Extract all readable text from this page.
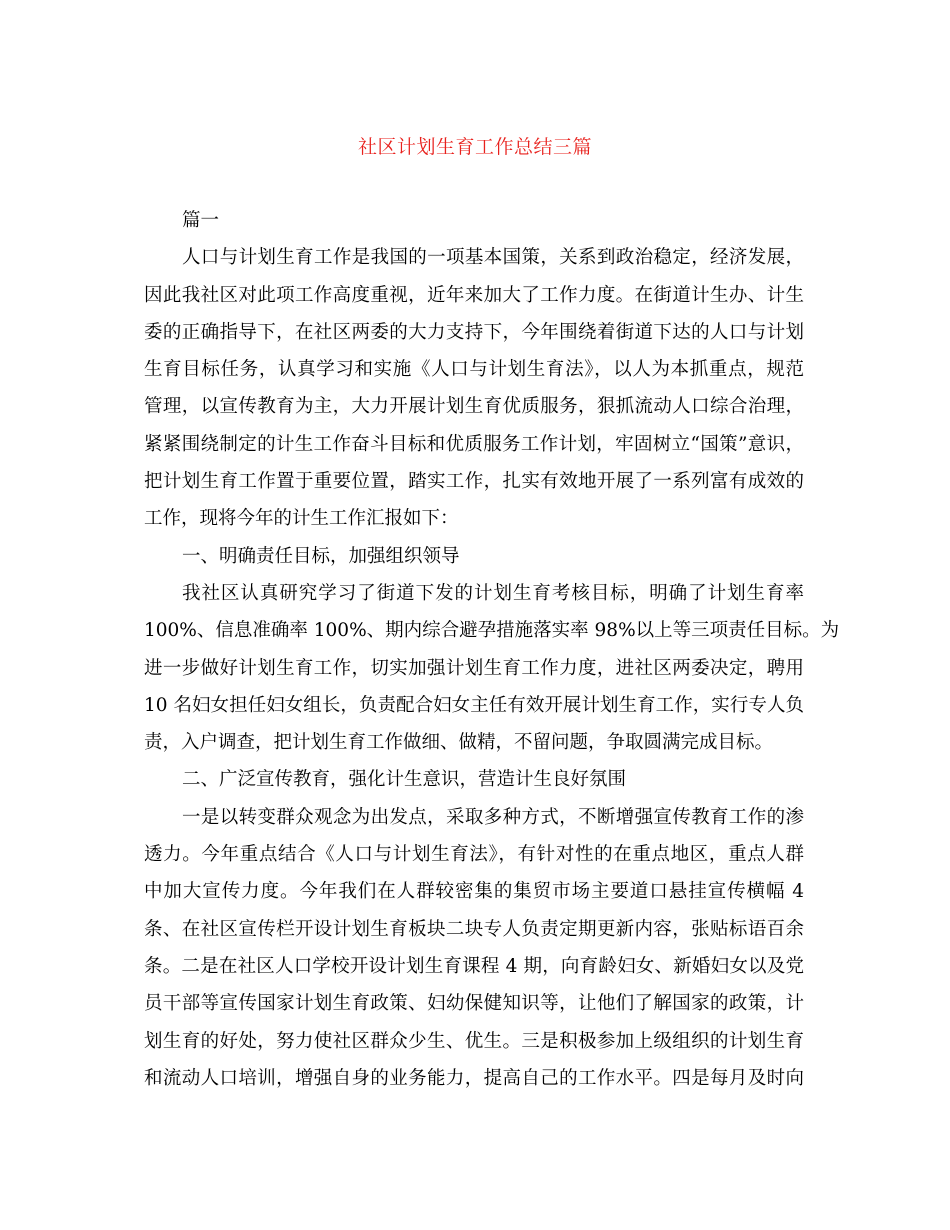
社区计划生育工作总结三篇
篇一
人口与计划生育工作是我国的一项基本国策，关系到政治稳定，经济发展，
因此我社区对此项工作高度重视，近年来加大了工作力度。在街道计生办、计生
委的正确指导下，在社区两委的大力支持下，今年围绕着街道下达的人口与计划
生育目标任务，认真学习和实施《人口与计划生育法》，以人为本抓重点，规范
管理，以宣传教育为主，大力开展计划生育优质服务，狠抓流动人口综合治理，
紧紧围绕制定的计生工作奋斗目标和优质服务工作计划，牢固树立“国策”意识，
把计划生育工作置于重要位置，踏实工作，扎实有效地开展了一系列富有成效的
工作，现将今年的计生工作汇报如下：
一、明确责任目标，加强组织领导
我社区认真研究学习了街道下发的计划生育考核目标，明确了计划生育率
100%、信息准确率 100%、期内综合避孕措施落实率 98%以上等三项责任目标。为
进一步做好计划生育工作，切实加强计划生育工作力度，进社区两委决定，聘用
10 名妇女担任妇女组长，负责配合妇女主任有效开展计划生育工作，实行专人负
责，入户调查，把计划生育工作做细、做精，不留问题，争取圆满完成目标。
二、广泛宣传教育，强化计生意识，营造计生良好氛围
一是以转变群众观念为出发点，采取多种方式，不断增强宣传教育工作的渗
透力。今年重点结合《人口与计划生育法》，有针对性的在重点地区，重点人群
中加大宣传力度。今年我们在人群较密集的集贸市场主要道口悬挂宣传横幅 4
条、在社区宣传栏开设计划生育板块二块专人负责定期更新内容，张贴标语百余
条。二是在社区人口学校开设计划生育课程 4 期，向育龄妇女、新婚妇女以及党
员干部等宣传国家计划生育政策、妇幼保健知识等，让他们了解国家的政策，计
划生育的好处，努力使社区群众少生、优生。三是积极参加上级组织的计划生育
和流动人口培训，增强自身的业务能力，提高自己的工作水平。四是每月及时向
